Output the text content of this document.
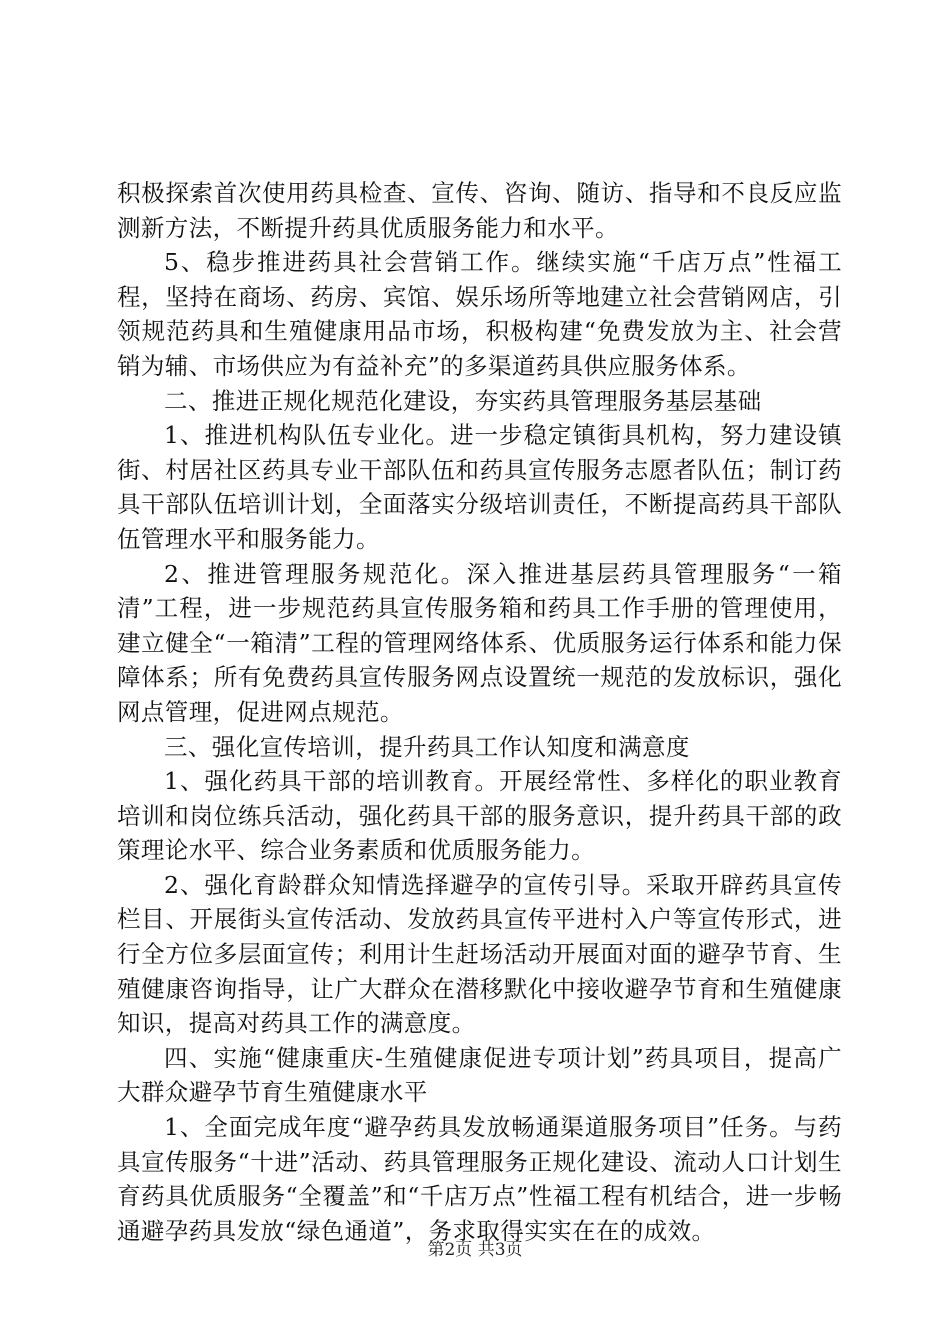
积极探索首次使用药具检查、宣传、咨询、随访、指导和不良反应监测新方法，不断提升药具优质服务能力和水平。

5、稳步推进药具社会营销工作。继续实施“千店万点”性福工程，坚持在商场、药房、宾馆、娱乐场所等地建立社会营销网店，引领规范药具和生殖健康用品市场，积极构建“免费发放为主、社会营销为辅、市场供应为有益补充”的多渠道药具供应服务体系。

二、推进正规化规范化建设，夯实药具管理服务基层基础

1、推进机构队伍专业化。进一步稳定镇街具机构，努力建设镇街、村居社区药具专业干部队伍和药具宣传服务志愿者队伍；制订药具干部队伍培训计划，全面落实分级培训责任，不断提高药具干部队伍管理水平和服务能力。

2、推进管理服务规范化。深入推进基层药具管理服务“一箱清”工程，进一步规范药具宣传服务箱和药具工作手册的管理使用，建立健全“一箱清”工程的管理网络体系、优质服务运行体系和能力保障体系；所有免费药具宣传服务网点设置统一规范的发放标识，强化网点管理，促进网点规范。

三、强化宣传培训，提升药具工作认知度和满意度

1、强化药具干部的培训教育。开展经常性、多样化的职业教育培训和岗位练兵活动，强化药具干部的服务意识，提升药具干部的政策理论水平、综合业务素质和优质服务能力。

2、强化育龄群众知情选择避孕的宣传引导。采取开辟药具宣传栏目、开展街头宣传活动、发放药具宣传平进村入户等宣传形式，进行全方位多层面宣传；利用计生赶场活动开展面对面的避孕节育、生殖健康咨询指导，让广大群众在潜移默化中接收避孕节育和生殖健康知识，提高对药具工作的满意度。

四、实施“健康重庆-生殖健康促进专项计划”药具项目，提高广大群众避孕节育生殖健康水平

1、全面完成年度“避孕药具发放畅通渠道服务项目”任务。与药具宣传服务“十进”活动、药具管理服务正规化建设、流动人口计划生育药具优质服务“全覆盖”和“千店万点”性福工程有机结合，进一步畅通避孕药具发放“绿色通道”，务求取得实实在在的成效。

第2页 共3页
